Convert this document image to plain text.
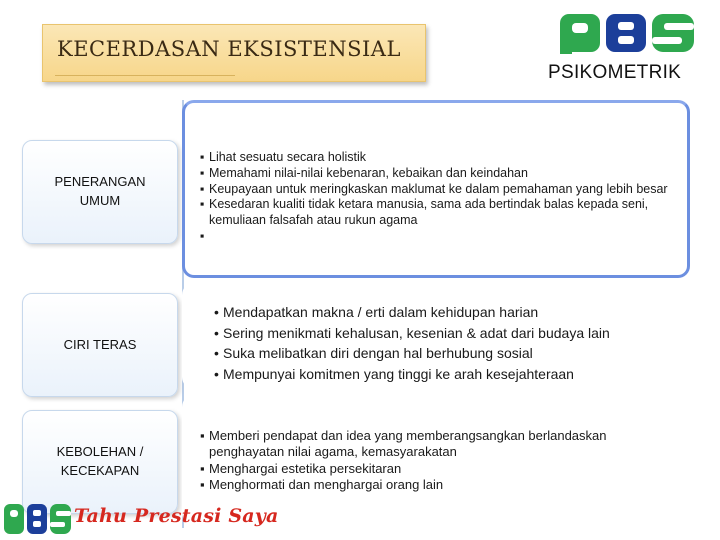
KECERDASAN EKSISTENSIAL
PSIKOMETRIK
PENERANGAN
UMUM
▪ Lihat sesuatu secara holistik
▪ Memahami nilai-nilai kebenaran, kebaikan dan keindahan
▪ Keupayaan untuk meringkaskan maklumat ke dalam pemahaman yang lebih besar
▪ Kesedaran kualiti tidak ketara manusia, sama ada bertindak balas kepada seni, kemuliaan falsafah atau rukun agama
▪
CIRI TERAS
• Mendapatkan makna / erti dalam kehidupan harian
• Sering menikmati kehalusan, kesenian & adat dari budaya lain
• Suka melibatkan diri dengan hal berhubung sosial
• Mempunyai komitmen yang tinggi ke arah kesejahteraan
KEBOLEHAN /
KECEKAPAN
▪ Memberi pendapat dan idea yang memberangsangkan berlandaskan penghayatan nilai agama, kemasyarakatan
▪ Menghargai estetika persekitaran
▪ Menghormati dan menghargai orang lain
Tahu Prestasi Saya
